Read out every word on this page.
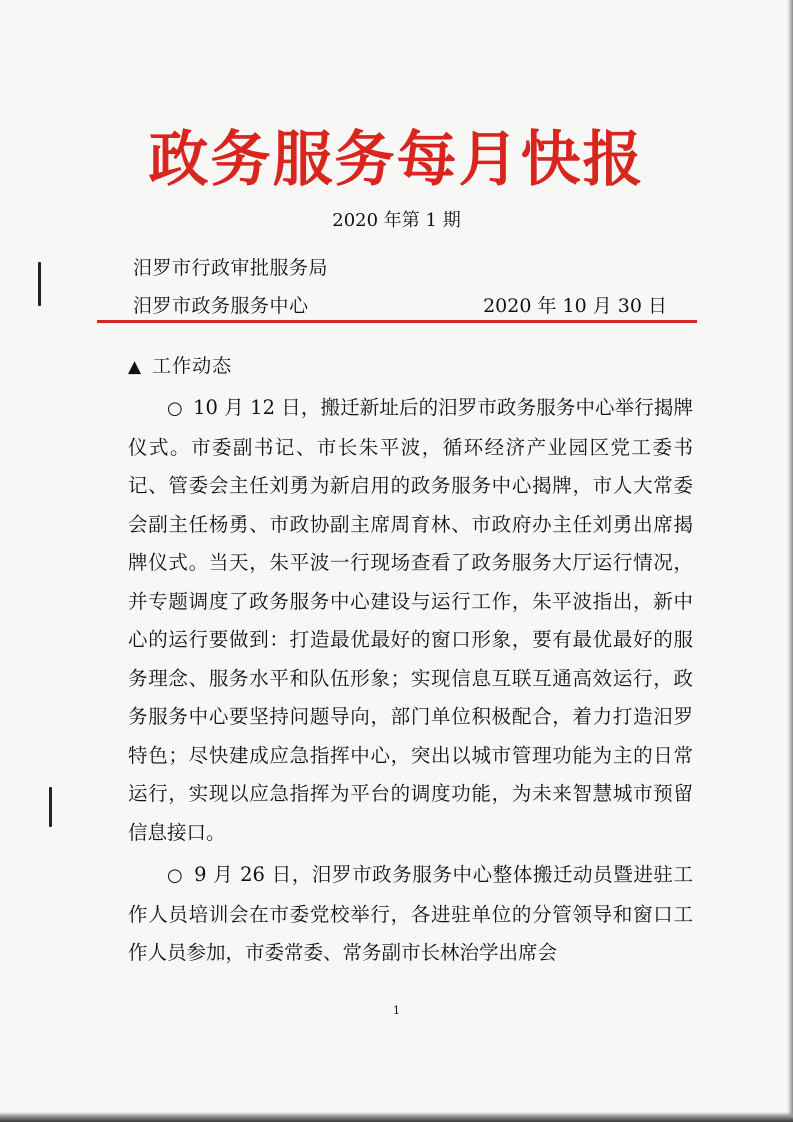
政务服务每月快报
2020 年第 1 期
汨罗市行政审批服务局
汨罗市政务服务中心	2020 年 10 月 30 日
▲ 工作动态

○ 10 月 12 日，搬迁新址后的汨罗市政务服务中心举行揭牌仪式。市委副书记、市长朱平波，循环经济产业园区党工委书记、管委会主任刘勇为新启用的政务服务中心揭牌，市人大常委会副主任杨勇、市政协副主席周育林、市政府办主任刘勇出席揭牌仪式。当天，朱平波一行现场查看了政务服务大厅运行情况，并专题调度了政务服务中心建设与运行工作，朱平波指出，新中心的运行要做到：打造最优最好的窗口形象，要有最优最好的服务理念、服务水平和队伍形象；实现信息互联互通高效运行，政务服务中心要坚持问题导向，部门单位积极配合，着力打造汨罗特色；尽快建成应急指挥中心，突出以城市管理功能为主的日常运行，实现以应急指挥为平台的调度功能，为未来智慧城市预留信息接口。

○ 9 月 26 日，汨罗市政务服务中心整体搬迁动员暨进驻工作人员培训会在市委党校举行，各进驻单位的分管领导和窗口工作人员参加，市委常委、常务副市长林治学出席会

1
